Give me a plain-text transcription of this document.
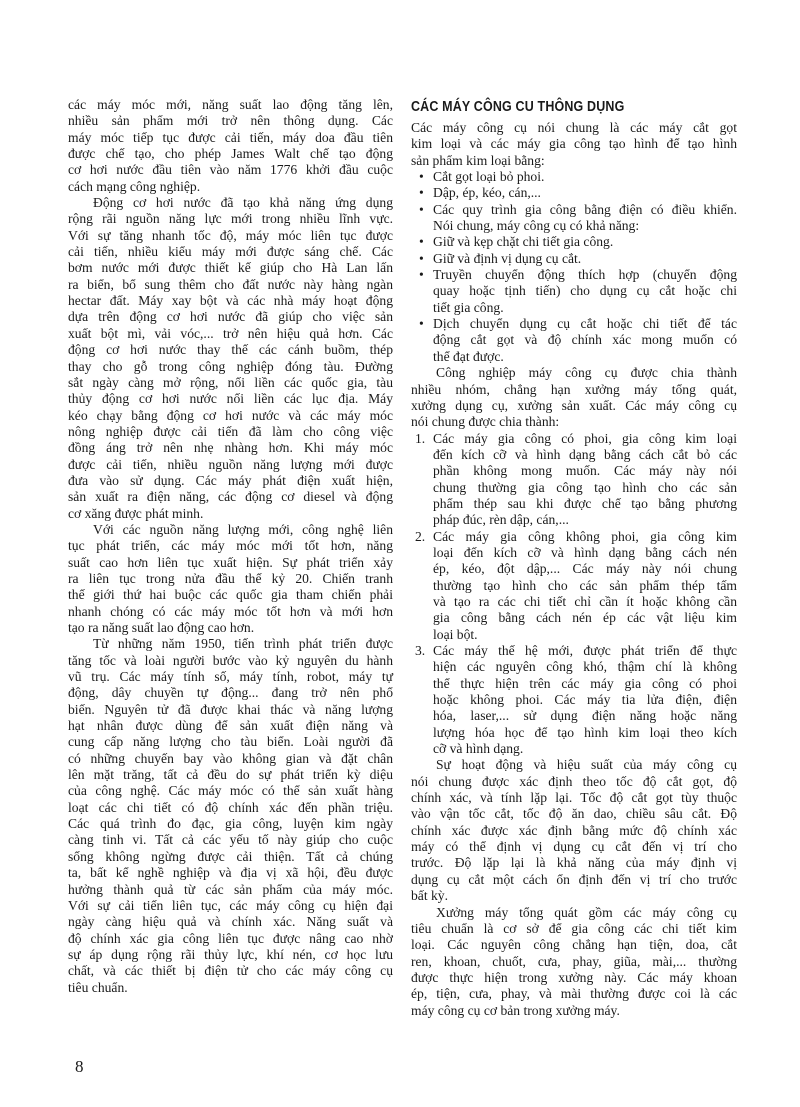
các máy móc mới, năng suất lao động tăng lên,
nhiều sản phẩm mới trở nên thông dụng. Các
máy móc tiếp tục được cải tiến, máy doa đầu tiên
được chế tạo, cho phép James Walt chế tạo động
cơ hơi nước đầu tiên vào năm 1776 khởi đầu cuộc
cách mạng công nghiệp.
Động cơ hơi nước đã tạo khả năng ứng dụng
rộng rãi nguồn năng lực mới trong nhiều lĩnh vực.
Với sự tăng nhanh tốc độ, máy móc liên tục được
cải tiến, nhiều kiểu máy mới được sáng chế. Các
bơm nước mới được thiết kế giúp cho Hà Lan lấn
ra biển, bổ sung thêm cho đất nước này hàng ngàn
hectar đất. Máy xay bột và các nhà máy hoạt động
dựa trên động cơ hơi nước đã giúp cho việc sản
xuất bột mì, vải vóc,... trở nên hiệu quả hơn. Các
động cơ hơi nước thay thế các cánh buồm, thép
thay cho gỗ trong công nghiệp đóng tàu. Đường
sắt ngày càng mở rộng, nối liền các quốc gia, tàu
thủy động cơ hơi nước nối liền các lục địa. Máy
kéo chạy bằng động cơ hơi nước và các máy móc
nông nghiệp được cải tiến đã làm cho công việc
đồng áng trở nên nhẹ nhàng hơn. Khi máy móc
được cải tiến, nhiều nguồn năng lượng mới được
đưa vào sử dụng. Các máy phát điện xuất hiện,
sản xuất ra điện năng, các động cơ diesel và động
cơ xăng được phát minh.
Với các nguồn năng lượng mới, công nghệ liên
tục phát triển, các máy móc mới tốt hơn, năng
suất cao hơn liên tục xuất hiện. Sự phát triển xảy
ra liên tục trong nửa đầu thế kỷ 20. Chiến tranh
thế giới thứ hai buộc các quốc gia tham chiến phải
nhanh chóng có các máy móc tốt hơn và mới hơn
tạo ra năng suất lao động cao hơn.
Từ những năm 1950, tiến trình phát triển được
tăng tốc và loài người bước vào kỷ nguyên du hành
vũ trụ. Các máy tính số, máy tính, robot, máy tự
động, dây chuyền tự động... đang trở nên phổ
biến. Nguyên tử đã được khai thác và năng lượng
hạt nhân được dùng để sản xuất điện năng và
cung cấp năng lượng cho tàu biển. Loài người đã
có những chuyến bay vào không gian và đặt chân
lên mặt trăng, tất cả đều do sự phát triển kỳ diệu
của công nghệ. Các máy móc có thể sản xuất hàng
loạt các chi tiết có độ chính xác đến phần triệu.
Các quá trình đo đạc, gia công, luyện kim ngày
càng tinh vi. Tất cả các yếu tố này giúp cho cuộc
sống không ngừng được cải thiện. Tất cả chúng
ta, bất kể nghề nghiệp và địa vị xã hội, đều được
hưởng thành quả từ các sản phẩm của máy móc.
Với sự cải tiến liên tục, các máy công cụ hiện đại
ngày càng hiệu quả và chính xác. Năng suất và
độ chính xác gia công liên tục được nâng cao nhờ
sự áp dụng rộng rãi thủy lực, khí nén, cơ học lưu
chất, và các thiết bị điện tử cho các máy công cụ
tiêu chuẩn.
CÁC MÁY CÔNG CU THÔNG DỤNG
Các máy công cụ nói chung là các máy cắt gọt
kim loại và các máy gia công tạo hình để tạo hình
sản phẩm kim loại bằng:
• Cắt gọt loại bỏ phoi.
• Dập, ép, kéo, cán,...
• Các quy trình gia công bằng điện có điều khiển.
Nói chung, máy công cụ có khả năng:
• Giữ và kẹp chặt chi tiết gia công.
• Giữ và định vị dụng cụ cắt.
• Truyền chuyển động thích hợp (chuyển động
quay hoặc tịnh tiến) cho dụng cụ cắt hoặc chi
tiết gia công.
• Dịch chuyển dụng cụ cắt hoặc chi tiết để tác
động cắt gọt và độ chính xác mong muốn có
thể đạt được.
Công nghiệp máy công cụ được chia thành
nhiều nhóm, chẳng hạn xưởng máy tổng quát,
xưởng dụng cụ, xưởng sản xuất. Các máy công cụ
nói chung được chia thành:
1. Các máy gia công có phoi, gia công kim loại
đến kích cỡ và hình dạng bằng cách cắt bỏ các
phần không mong muốn. Các máy này nói
chung thường gia công tạo hình cho các sản
phẩm thép sau khi được chế tạo bằng phương
pháp đúc, rèn dập, cán,...
2. Các máy gia công không phoi, gia công kim
loại đến kích cỡ và hình dạng bằng cách nén
ép, kéo, đột dập,... Các máy này nói chung
thường tạo hình cho các sản phẩm thép tấm
và tạo ra các chi tiết chỉ cần ít hoặc không cần
gia công bằng cách nén ép các vật liệu kim
loại bột.
3. Các máy thế hệ mới, được phát triển để thực
hiện các nguyên công khó, thậm chí là không
thể thực hiện trên các máy gia công có phoi
hoặc không phoi. Các máy tia lửa điện, điện
hóa, laser,... sử dụng điện năng hoặc năng
lượng hóa học để tạo hình kim loại theo kích
cỡ và hình dạng.
Sự hoạt động và hiệu suất của máy công cụ
nói chung được xác định theo tốc độ cắt gọt, độ
chính xác, và tính lặp lại. Tốc độ cắt gọt tùy thuộc
vào vận tốc cắt, tốc độ ăn dao, chiều sâu cắt. Độ
chính xác được xác định bằng mức độ chính xác
máy có thể định vị dụng cụ cắt đến vị trí cho
trước. Độ lặp lại là khả năng của máy định vị
dụng cụ cắt một cách ổn định đến vị trí cho trước
bất kỳ.
Xưởng máy tổng quát gồm các máy công cụ
tiêu chuẩn là cơ sở để gia công các chi tiết kim
loại. Các nguyên công chẳng hạn tiện, doa, cắt
ren, khoan, chuốt, cưa, phay, giũa, mài,... thường
được thực hiện trong xưởng này. Các máy khoan
ép, tiện, cưa, phay, và mài thường được coi là các
máy công cụ cơ bản trong xưởng máy.
8
